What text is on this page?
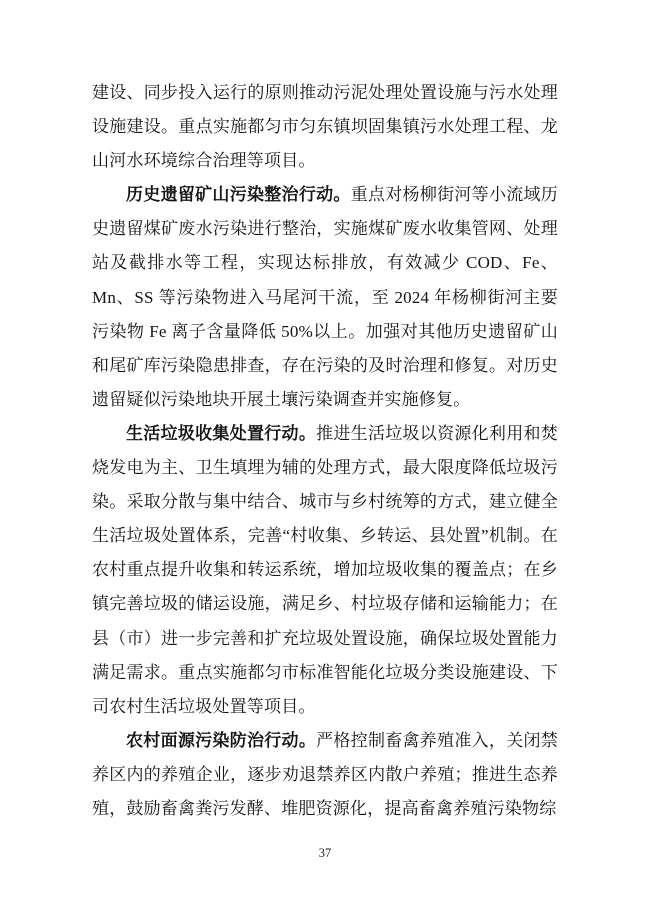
建设、同步投入运行的原则推动污泥处理处置设施与污水处理设施建设。重点实施都匀市匀东镇坝固集镇污水处理工程、龙山河水环境综合治理等项目。

历史遗留矿山污染整治行动。重点对杨柳街河等小流域历史遗留煤矿废水污染进行整治，实施煤矿废水收集管网、处理站及截排水等工程，实现达标排放，有效减少 COD、Fe、Mn、SS 等污染物进入马尾河干流，至 2024 年杨柳街河主要污染物 Fe 离子含量降低 50%以上。加强对其他历史遗留矿山和尾矿库污染隐患排查，存在污染的及时治理和修复。对历史遗留疑似污染地块开展土壤污染调查并实施修复。

生活垃圾收集处置行动。推进生活垃圾以资源化利用和焚烧发电为主、卫生填埋为辅的处理方式，最大限度降低垃圾污染。采取分散与集中结合、城市与乡村统筹的方式，建立健全生活垃圾处置体系，完善“村收集、乡转运、县处置”机制。在农村重点提升收集和转运系统，增加垃圾收集的覆盖点；在乡镇完善垃圾的储运设施，满足乡、村垃圾存储和运输能力；在县（市）进一步完善和扩充垃圾处置设施，确保垃圾处置能力满足需求。重点实施都匀市标准智能化垃圾分类设施建设、下司农村生活垃圾处置等项目。

农村面源污染防治行动。严格控制畜禽养殖准入，关闭禁养区内的养殖企业，逐步劝退禁养区内散户养殖；推进生态养殖，鼓励畜禽粪污发酵、堆肥资源化，提高畜禽养殖污染物综

37
